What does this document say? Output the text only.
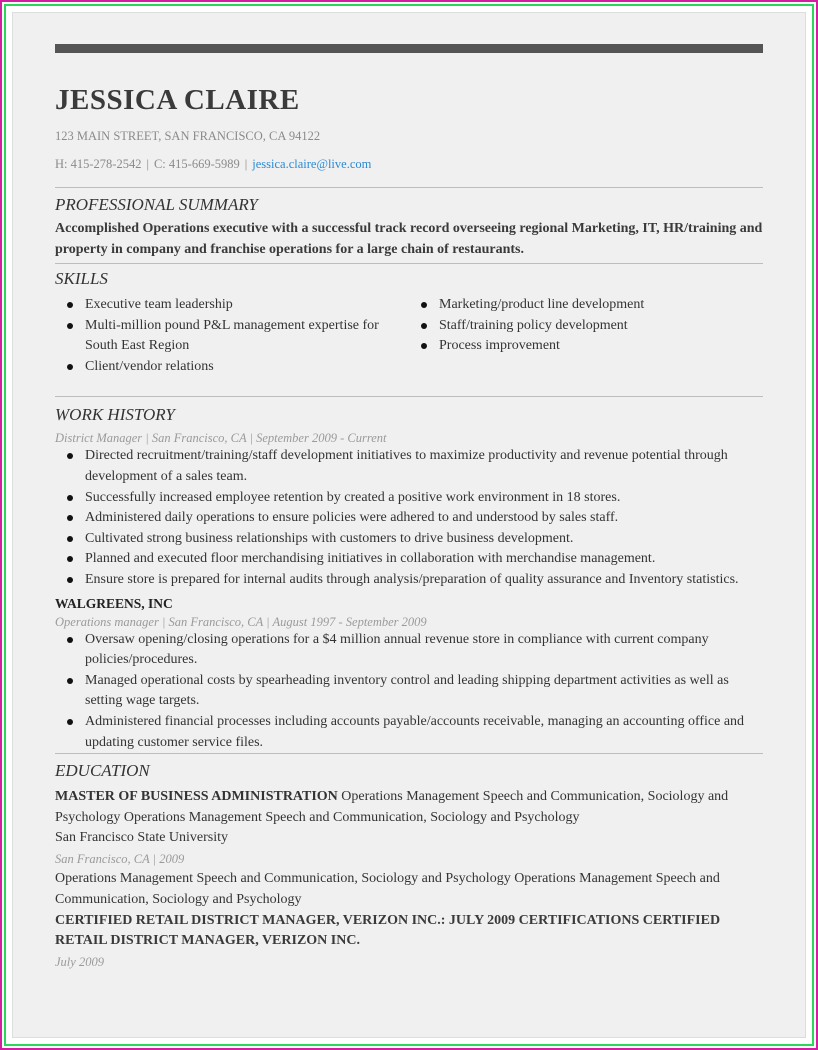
JESSICA CLAIRE
123 MAIN STREET, SAN FRANCISCO, CA 94122
H: 415-278-2542 | C: 415-669-5989 | jessica.claire@live.com
PROFESSIONAL SUMMARY
Accomplished Operations executive with a successful track record overseeing regional Marketing, IT, HR/training and property in company and franchise operations for a large chain of restaurants.
SKILLS
Executive team leadership
Multi-million pound P&L management expertise for South East Region
Client/vendor relations
Marketing/product line development
Staff/training policy development
Process improvement
WORK HISTORY
District Manager | San Francisco, CA | September 2009 - Current
Directed recruitment/training/staff development initiatives to maximize productivity and revenue potential through development of a sales team.
Successfully increased employee retention by created a positive work environment in 18 stores.
Administered daily operations to ensure policies were adhered to and understood by sales staff.
Cultivated strong business relationships with customers to drive business development.
Planned and executed floor merchandising initiatives in collaboration with merchandise management.
Ensure store is prepared for internal audits through analysis/preparation of quality assurance and Inventory statistics.
WALGREENS, INC
Operations manager | San Francisco, CA | August 1997 - September 2009
Oversaw opening/closing operations for a $4 million annual revenue store in compliance with current company policies/procedures.
Managed operational costs by spearheading inventory control and leading shipping department activities as well as setting wage targets.
Administered financial processes including accounts payable/accounts receivable, managing an accounting office and updating customer service files.
EDUCATION
MASTER OF BUSINESS ADMINISTRATION Operations Management Speech and Communication, Sociology and Psychology Operations Management Speech and Communication, Sociology and Psychology
San Francisco State University
San Francisco, CA | 2009
Operations Management Speech and Communication, Sociology and Psychology Operations Management Speech and Communication, Sociology and Psychology
CERTIFIED RETAIL DISTRICT MANAGER, VERIZON INC.: JULY 2009 CERTIFICATIONS CERTIFIED RETAIL DISTRICT MANAGER, VERIZON INC.
July 2009
